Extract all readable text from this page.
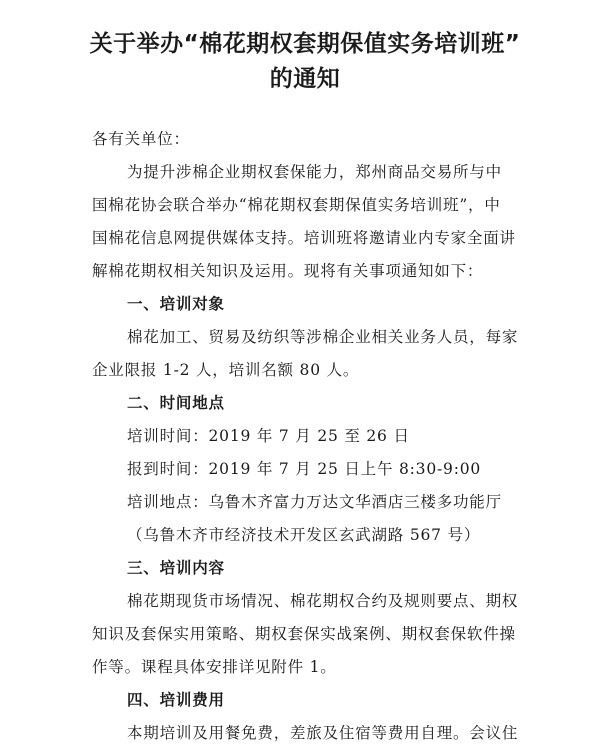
关于举办“棉花期权套期保值实务培训班”
的通知
各有关单位：
为提升涉棉企业期权套保能力，郑州商品交易所与中
国棉花协会联合举办“棉花期权套期保值实务培训班”，中
国棉花信息网提供媒体支持。培训班将邀请业内专家全面讲
解棉花期权相关知识及运用。现将有关事项通知如下：
一、培训对象
棉花加工、贸易及纺织等涉棉企业相关业务人员，每家
企业限报 1-2 人，培训名额 80 人。
二、时间地点
培训时间：2019 年 7 月 25 至 26 日
报到时间：2019 年 7 月 25 日上午 8:30-9:00
培训地点：乌鲁木齐富力万达文华酒店三楼多功能厅
（乌鲁木齐市经济技术开发区玄武湖路 567 号）
三、培训内容
棉花期现货市场情况、棉花期权合约及规则要点、期权
知识及套保实用策略、期权套保实战案例、期权套保软件操
作等。课程具体安排详见附件 1。
四、培训费用
本期培训及用餐免费，差旅及住宿等费用自理。会议住
